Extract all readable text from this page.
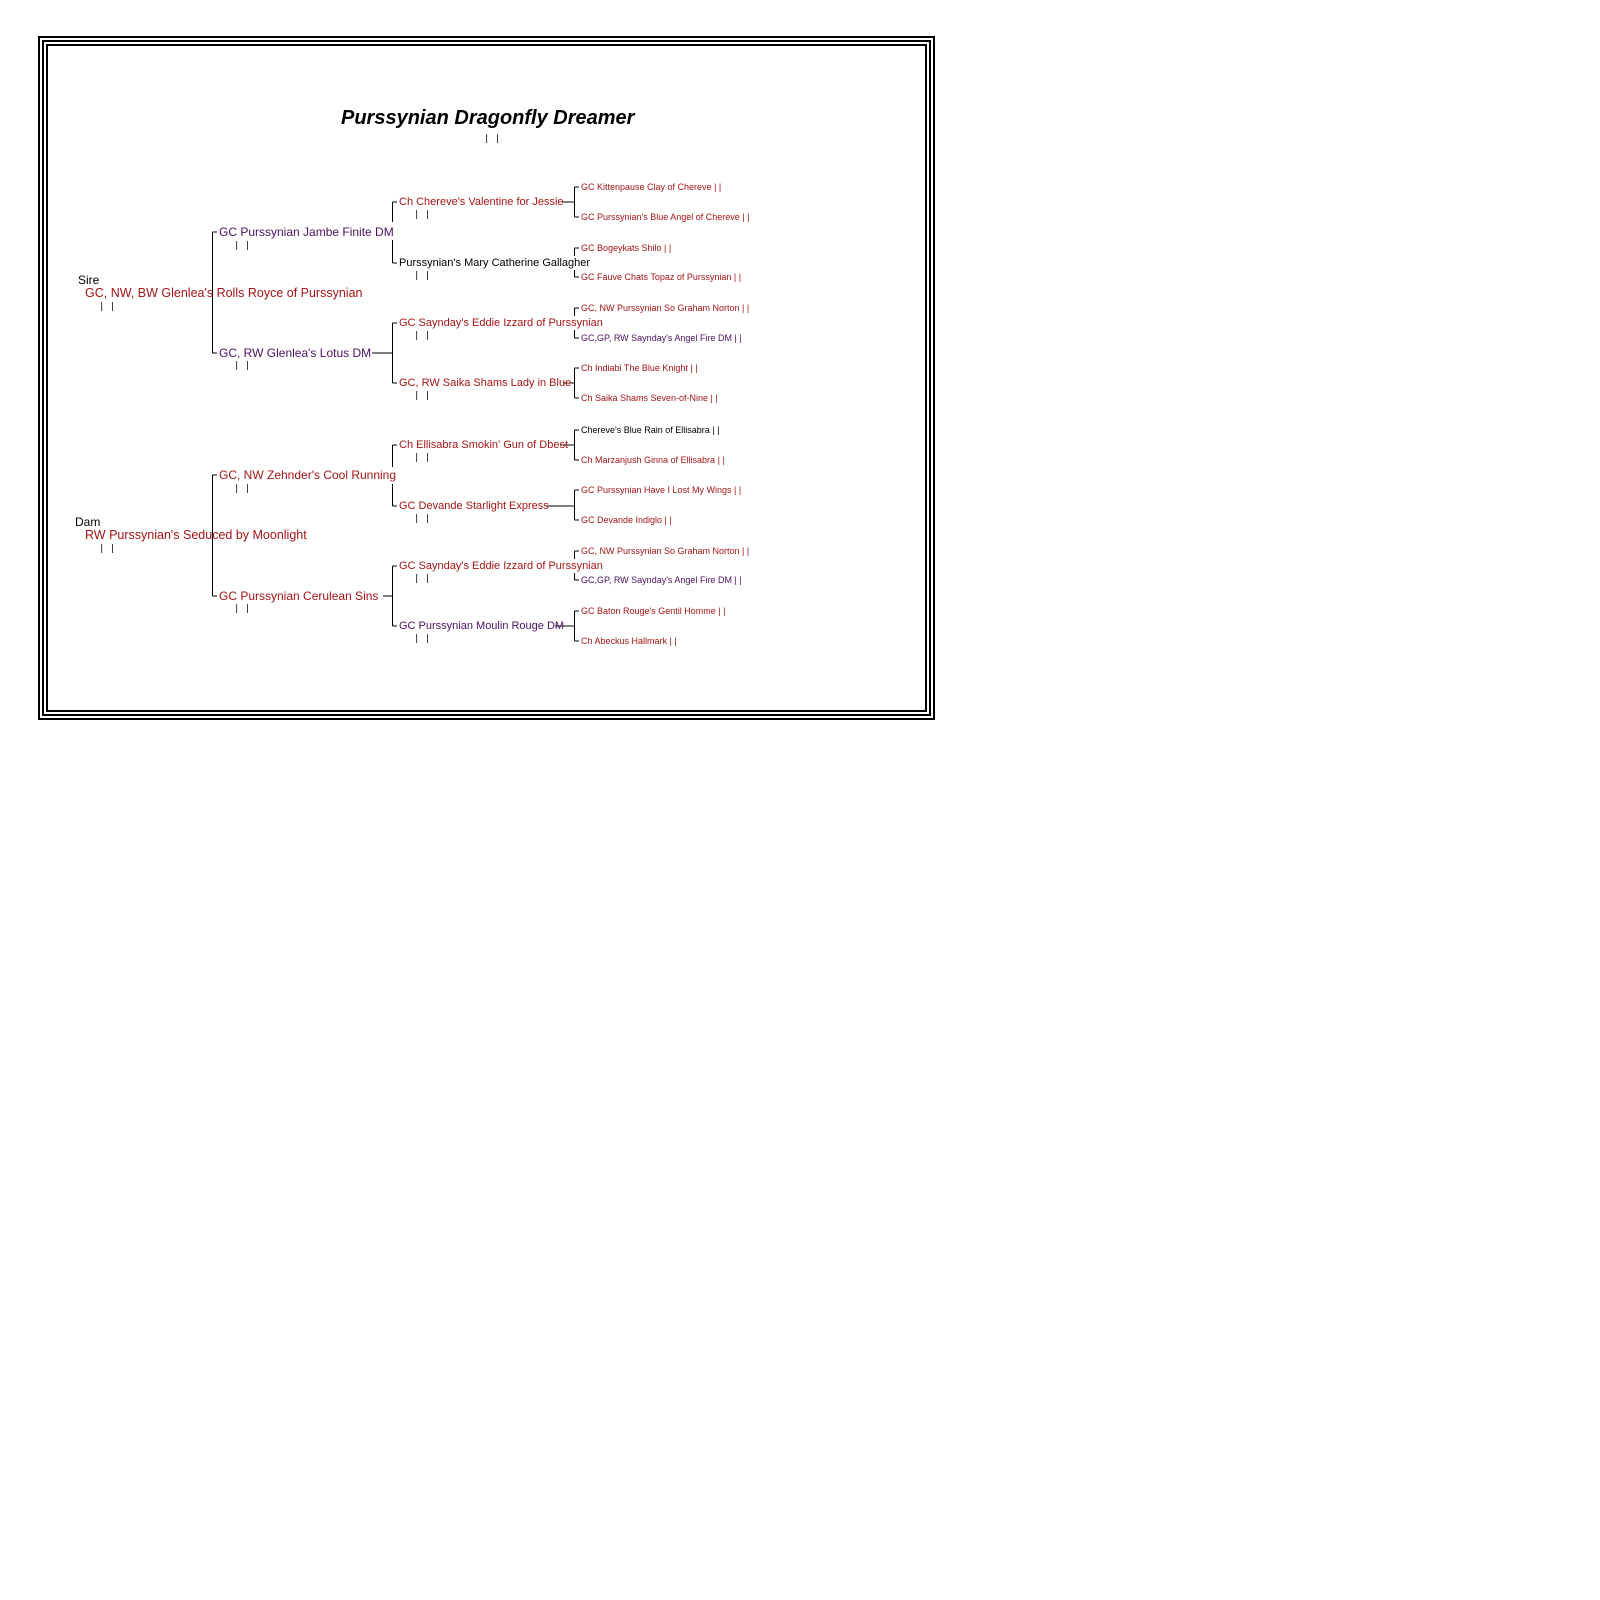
Purssynian Dragonfly Dreamer
| |
Sire
GC, NW, BW Glenlea's Rolls Royce of Purssynian
| |
Dam
RW Purssynian's Seduced by Moonlight
| |
GC Purssynian Jambe Finite DM
| |
GC, RW Glenlea's Lotus DM
| |
GC, NW Zehnder's Cool Running
| |
GC Purssynian Cerulean Sins
| |
Ch Chereve's Valentine for Jessie
| |
Purssynian's Mary Catherine Gallagher
| |
GC Saynday's Eddie Izzard of Purssynian
| |
GC, RW Saika Shams Lady in Blue
| |
Ch Ellisabra Smokin' Gun of Dbest
| |
GC Devande Starlight Express
| |
GC Saynday's Eddie Izzard of Purssynian
| |
GC Purssynian Moulin Rouge DM
| |
GC Kittenpause Clay of Chereve | |
GC Purssynian's Blue Angel of Chereve | |
GC Bogeykats Shilo | |
GC Fauve Chats Topaz of Purssynian | |
GC, NW Purssynian So Graham Norton | |
GC,GP, RW Saynday's Angel Fire DM | |
Ch Indiabi The Blue Knight | |
Ch Saika Shams Seven-of-Nine | |
Chereve's Blue Rain of Ellisabra | |
Ch Marzanjush Ginna of Ellisabra | |
GC Purssynian Have I Lost My Wings | |
GC Devande Indiglo | |
GC, NW Purssynian So Graham Norton | |
GC,GP, RW Saynday's Angel Fire DM | |
GC Baton Rouge's Gentil Homme | |
Ch Abeckus Hallmark | |
